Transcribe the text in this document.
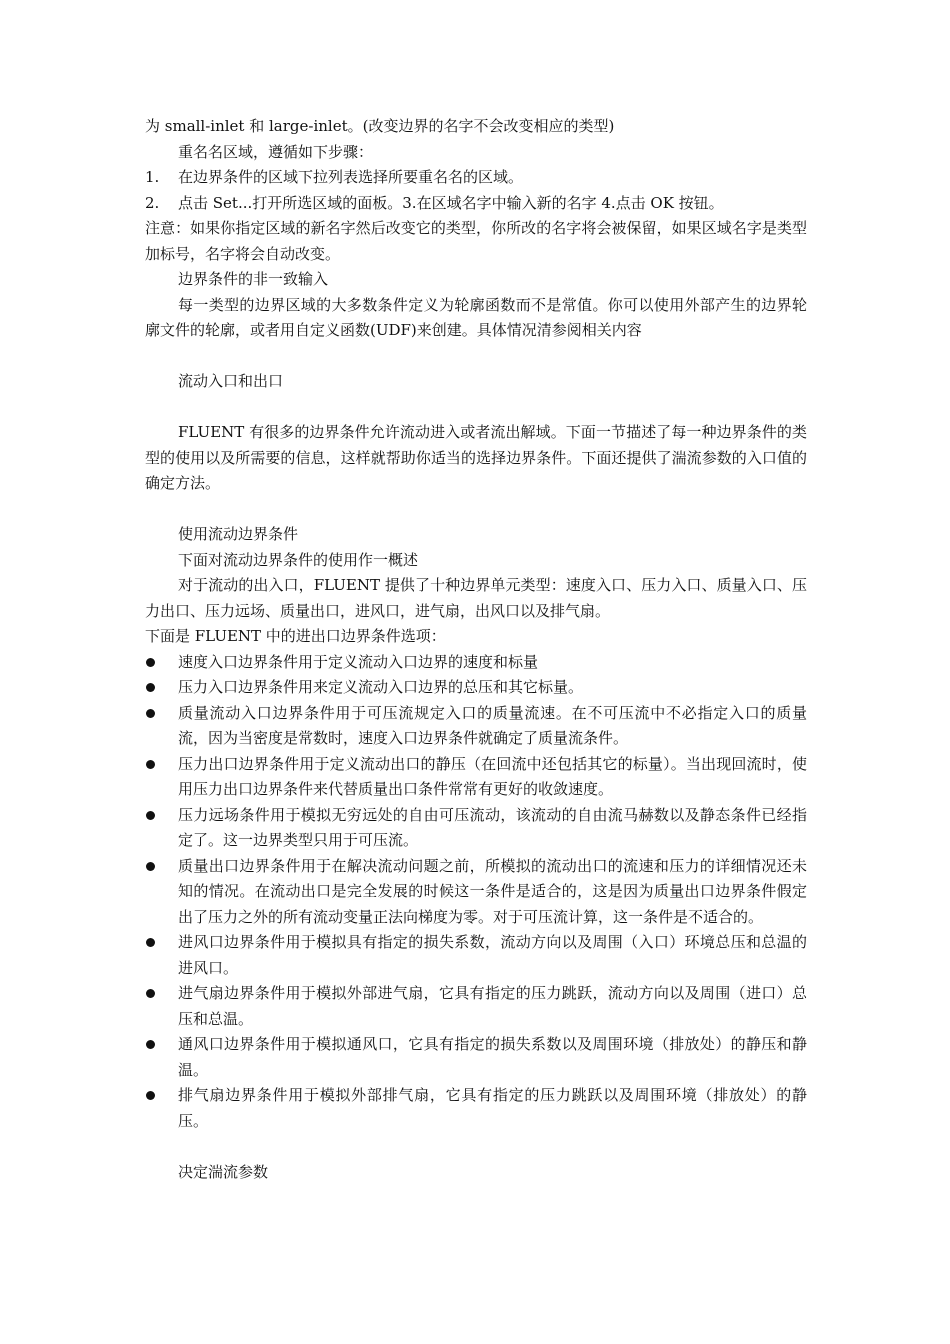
为 small-inlet 和 large-inlet。(改变边界的名字不会改变相应的类型)

重名名区域，遵循如下步骤：

1.	在边界条件的区域下拉列表选择所要重名名的区域。
2.	点击 Set...打开所选区域的面板。3.在区域名字中输入新的名字 4.点击 OK 按钮。

注意：如果你指定区域的新名字然后改变它的类型，你所改的名字将会被保留，如果区域名字是类型加标号，名字将会自动改变。

边界条件的非一致输入

每一类型的边界区域的大多数条件定义为轮廓函数而不是常值。你可以使用外部产生的边界轮廓文件的轮廓，或者用自定义函数(UDF)来创建。具体情况清参阅相关内容

流动入口和出口

FLUENT 有很多的边界条件允许流动进入或者流出解域。下面一节描述了每一种边界条件的类型的使用以及所需要的信息，这样就帮助你适当的选择边界条件。下面还提供了湍流参数的入口值的确定方法。

使用流动边界条件

下面对流动边界条件的使用作一概述

对于流动的出入口，FLUENT 提供了十种边界单元类型：速度入口、压力入口、质量入口、压力出口、压力远场、质量出口，进风口，进气扇，出风口以及排气扇。

下面是 FLUENT 中的进出口边界条件选项：

速度入口边界条件用于定义流动入口边界的速度和标量
压力入口边界条件用来定义流动入口边界的总压和其它标量。
质量流动入口边界条件用于可压流规定入口的质量流速。在不可压流中不必指定入口的质量流，因为当密度是常数时，速度入口边界条件就确定了质量流条件。
压力出口边界条件用于定义流动出口的静压（在回流中还包括其它的标量）。当出现回流时，使用压力出口边界条件来代替质量出口条件常常有更好的收敛速度。
压力远场条件用于模拟无穷远处的自由可压流动，该流动的自由流马赫数以及静态条件已经指定了。这一边界类型只用于可压流。
质量出口边界条件用于在解决流动问题之前，所模拟的流动出口的流速和压力的详细情况还未知的情况。在流动出口是完全发展的时候这一条件是适合的，这是因为质量出口边界条件假定出了压力之外的所有流动变量正法向梯度为零。对于可压流计算，这一条件是不适合的。
进风口边界条件用于模拟具有指定的损失系数，流动方向以及周围（入口）环境总压和总温的进风口。
进气扇边界条件用于模拟外部进气扇，它具有指定的压力跳跃，流动方向以及周围（进口）总压和总温。
通风口边界条件用于模拟通风口，它具有指定的损失系数以及周围环境（排放处）的静压和静温。
排气扇边界条件用于模拟外部排气扇，它具有指定的压力跳跃以及周围环境（排放处）的静压。

决定湍流参数
